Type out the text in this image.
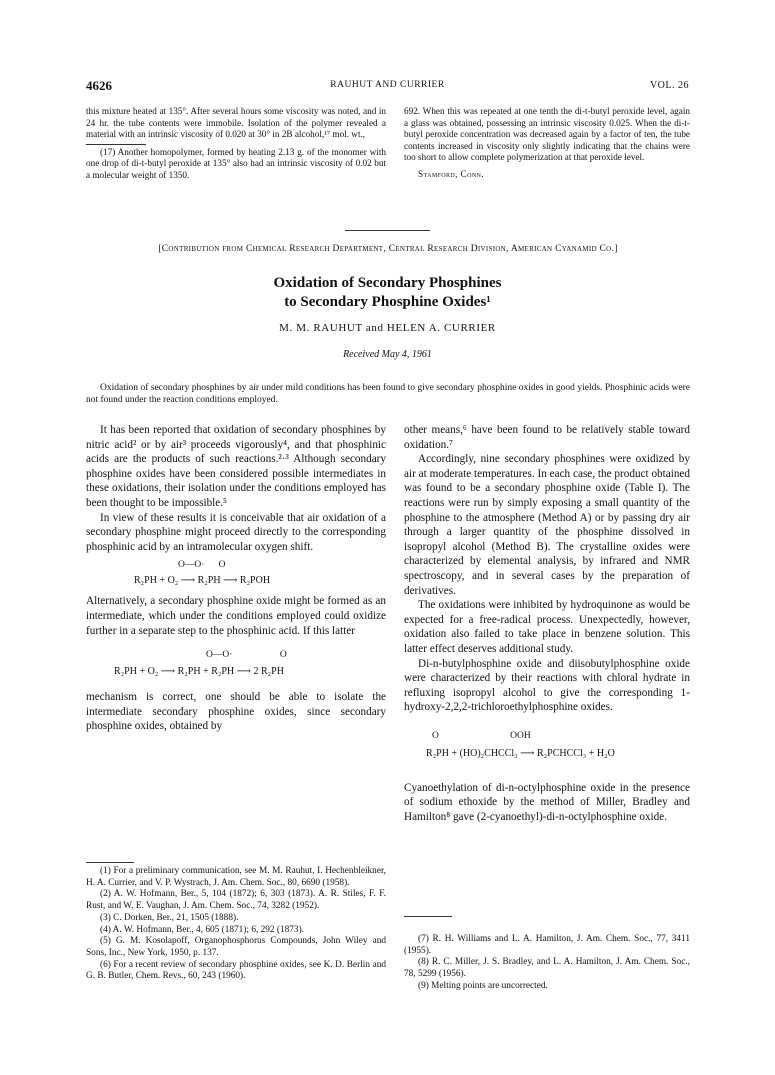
4626	RAUHUT AND CURRIER	VOL. 26

this mixture heated at 135°. After several hours some viscosity was noted, and in 24 hr. the tube contents were immobile. Isolation of the polymer revealed a material with an intrinsic viscosity of 0.020 at 30° in 2B alcohol,¹⁷ mol. wt.,

(17) Another homopolymer, formed by heating 2.13 g. of the monomer with one drop of di-t-butyl peroxide at 135° also had an intrinsic viscosity of 0.02 but a molecular weight of 1350.

692. When this was repeated at one tenth the di-t-butyl peroxide level, again a glass was obtained, possessing an intrinsic viscosity 0.025. When the di-t-butyl peroxide concentration was decreased again by a factor of ten, the tube contents increased in viscosity only slightly indicating that the chains were too short to allow complete polymerization at that peroxide level.

Stamford, Conn.

[Contribution from Chemical Research Department, Central Research Division, American Cyanamid Co.]
Oxidation of Secondary Phosphines
to Secondary Phosphine Oxides¹
M. M. RAUHUT and HELEN A. CURRIER
Received May 4, 1961

Oxidation of secondary phosphines by air under mild conditions has been found to give secondary phosphine oxides in good yields. Phosphinic acids were not found under the reaction conditions employed.

It has been reported that oxidation of secondary phosphines by nitric acid² or by air³ proceeds vigorously⁴, and that phosphinic acids are the products of such reactions.²·³ Although secondary phosphine oxides have been considered possible intermediates in these oxidations, their isolation under the conditions employed has been thought to be impossible.⁵

In view of these results it is conceivable that air oxidation of a secondary phosphine might proceed directly to the corresponding phosphinic acid by an intramolecular oxygen shift.

O—O·      O
R₂PH + O₂ ⟶ R₂PH ⟶ R₂POH

Alternatively, a secondary phosphine oxide might be formed as an intermediate, which under the conditions employed could oxidize further in a separate step to the phosphinic acid. If this latter

O—O·                    O
R₂PH + O₂ ⟶ R₂PH + R₂PH ⟶ 2 R₂PH

mechanism is correct, one should be able to isolate the intermediate secondary phosphine oxides, since secondary phosphine oxides, obtained by

(1) For a preliminary communication, see M. M. Rauhut, I. Hechenbleikner, H. A. Currier, and V. P. Wystrach, J. Am. Chem. Soc., 80, 6690 (1958).

(2) A. W. Hofmann, Ber., 5, 104 (1872); 6, 303 (1873). A. R. Stiles, F. F. Rust, and W. E. Vaughan, J. Am. Chem. Soc., 74, 3282 (1952).

(3) C. Dorken, Ber., 21, 1505 (1888).

(4) A. W. Hofmann, Ber., 4, 605 (1871); 6, 292 (1873).

(5) G. M. Kosolapoff, Organophosphorus Compounds, John Wiley and Sons, Inc., New York, 1950, p. 137.

(6) For a recent review of secondary phosphine oxides, see K. D. Berlin and G. B. Butler, Chem. Revs., 60, 243 (1960).

other means,⁶ have been found to be relatively stable toward oxidation.⁷

Accordingly, nine secondary phosphines were oxidized by air at moderate temperatures. In each case, the product obtained was found to be a secondary phosphine oxide (Table I). The reactions were run by simply exposing a small quantity of the phosphine to the atmosphere (Method A) or by passing dry air through a larger quantity of the phosphine dissolved in isopropyl alcohol (Method B). The crystalline oxides were characterized by elemental analysis, by infrared and NMR spectroscopy, and in several cases by the preparation of derivatives.

The oxidations were inhibited by hydroquinone as would be expected for a free-radical process. Unexpectedly, however, oxidation also failed to take place in benzene solution. This latter effect deserves additional study.

Di-n-butylphosphine oxide and diisobutylphosphine oxide were characterized by their reactions with chloral hydrate in refluxing isopropyl alcohol to give the corresponding 1-hydroxy-2,2,2-trichloroethylphosphine oxides.

O                              OOH
R₂PH + (HO)₂CHCCl₃ ⟶ R₂PCHCCl₃ + H₂O

Cyanoethylation of di-n-octylphosphine oxide in the presence of sodium ethoxide by the method of Miller, Bradley and Hamilton⁸ gave (2-cyanoethyl)-di-n-octylphosphine oxide.

(7) R. H. Williams and L. A. Hamilton, J. Am. Chem. Soc., 77, 3411 (1955).

(8) R. C. Miller, J. S. Bradley, and L. A. Hamilton, J. Am. Chem. Soc., 78, 5299 (1956).

(9) Melting points are uncorrected.
